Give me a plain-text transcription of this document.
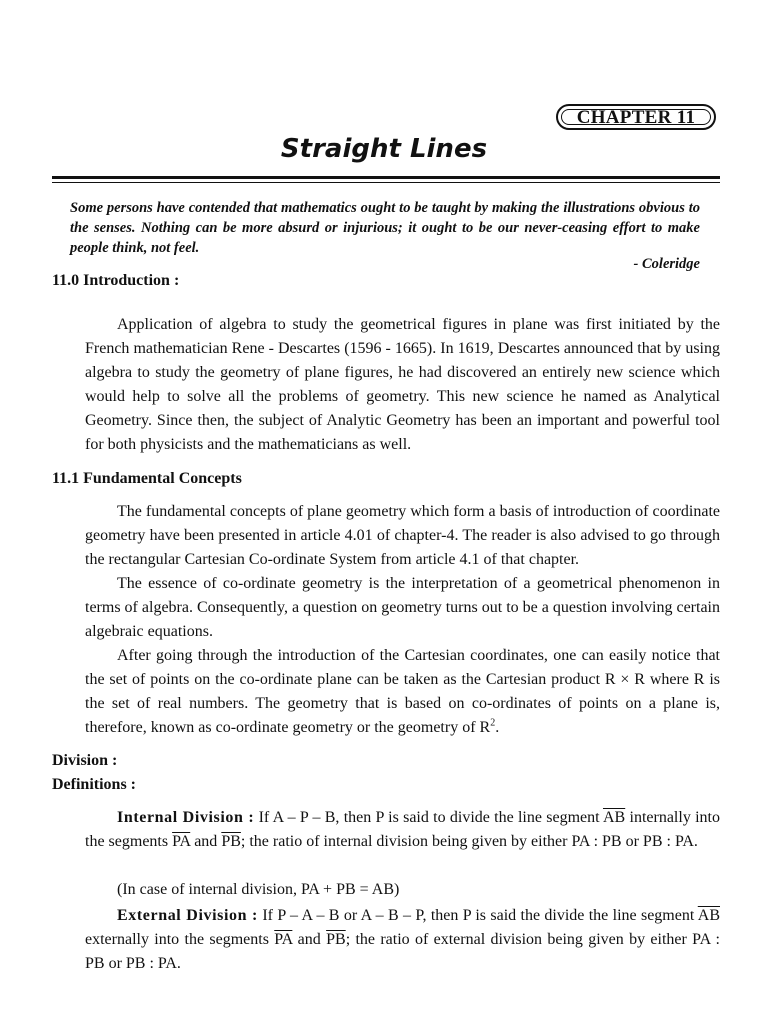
CHAPTER 11
Straight Lines
Some persons have contended that mathematics ought to be taught by making the illustrations obvious to the senses. Nothing can be more absurd or injurious; it ought to be our never-ceasing effort to make people think, not feel.
- Coleridge
11.0 Introduction :

Application of algebra to study the geometrical figures in plane was first initiated by the French mathematician Rene - Descartes (1596 - 1665). In 1619, Descartes announced that by using algebra to study the geometry of plane figures, he had discovered an entirely new science which would help to solve all the problems of geometry. This new science he named as Analytical Geometry. Since then, the subject of Analytic Geometry has been an important and powerful tool for both physicists and the mathematicians as well.

11.1 Fundamental Concepts

The fundamental concepts of plane geometry which form a basis of introduction of coordinate geometry have been presented in article 4.01 of chapter-4. The reader is also advised to go through the rectangular Cartesian Co-ordinate System from article 4.1 of that chapter.

The essence of co-ordinate geometry is the interpretation of a geometrical phenomenon in terms of algebra. Consequently, a question on geometry turns out to be a question involving certain algebraic equations.

After going through the introduction of the Cartesian coordinates, one can easily notice that the set of points on the co-ordinate plane can be taken as the Cartesian product R × R where R is the set of real numbers. The geometry that is based on co-ordinates of points on a plane is, therefore, known as co-ordinate geometry or the geometry of $R^2$.

Division :
Definitions :

Internal Division : If A – P – B, then P is said to divide the line segment $\overline{AB}$ internally into the segments $\overline{PA}$ and $\overline{PB}$; the ratio of internal division being given by either PA : PB or PB : PA.

(In case of internal division, PA + PB = AB)

External Division : If P – A – B or A – B – P, then P is said the divide the line segment $\overline{AB}$ externally into the segments $\overline{PA}$ and $\overline{PB}$; the ratio of external division being given by either PA : PB or PB : PA.
